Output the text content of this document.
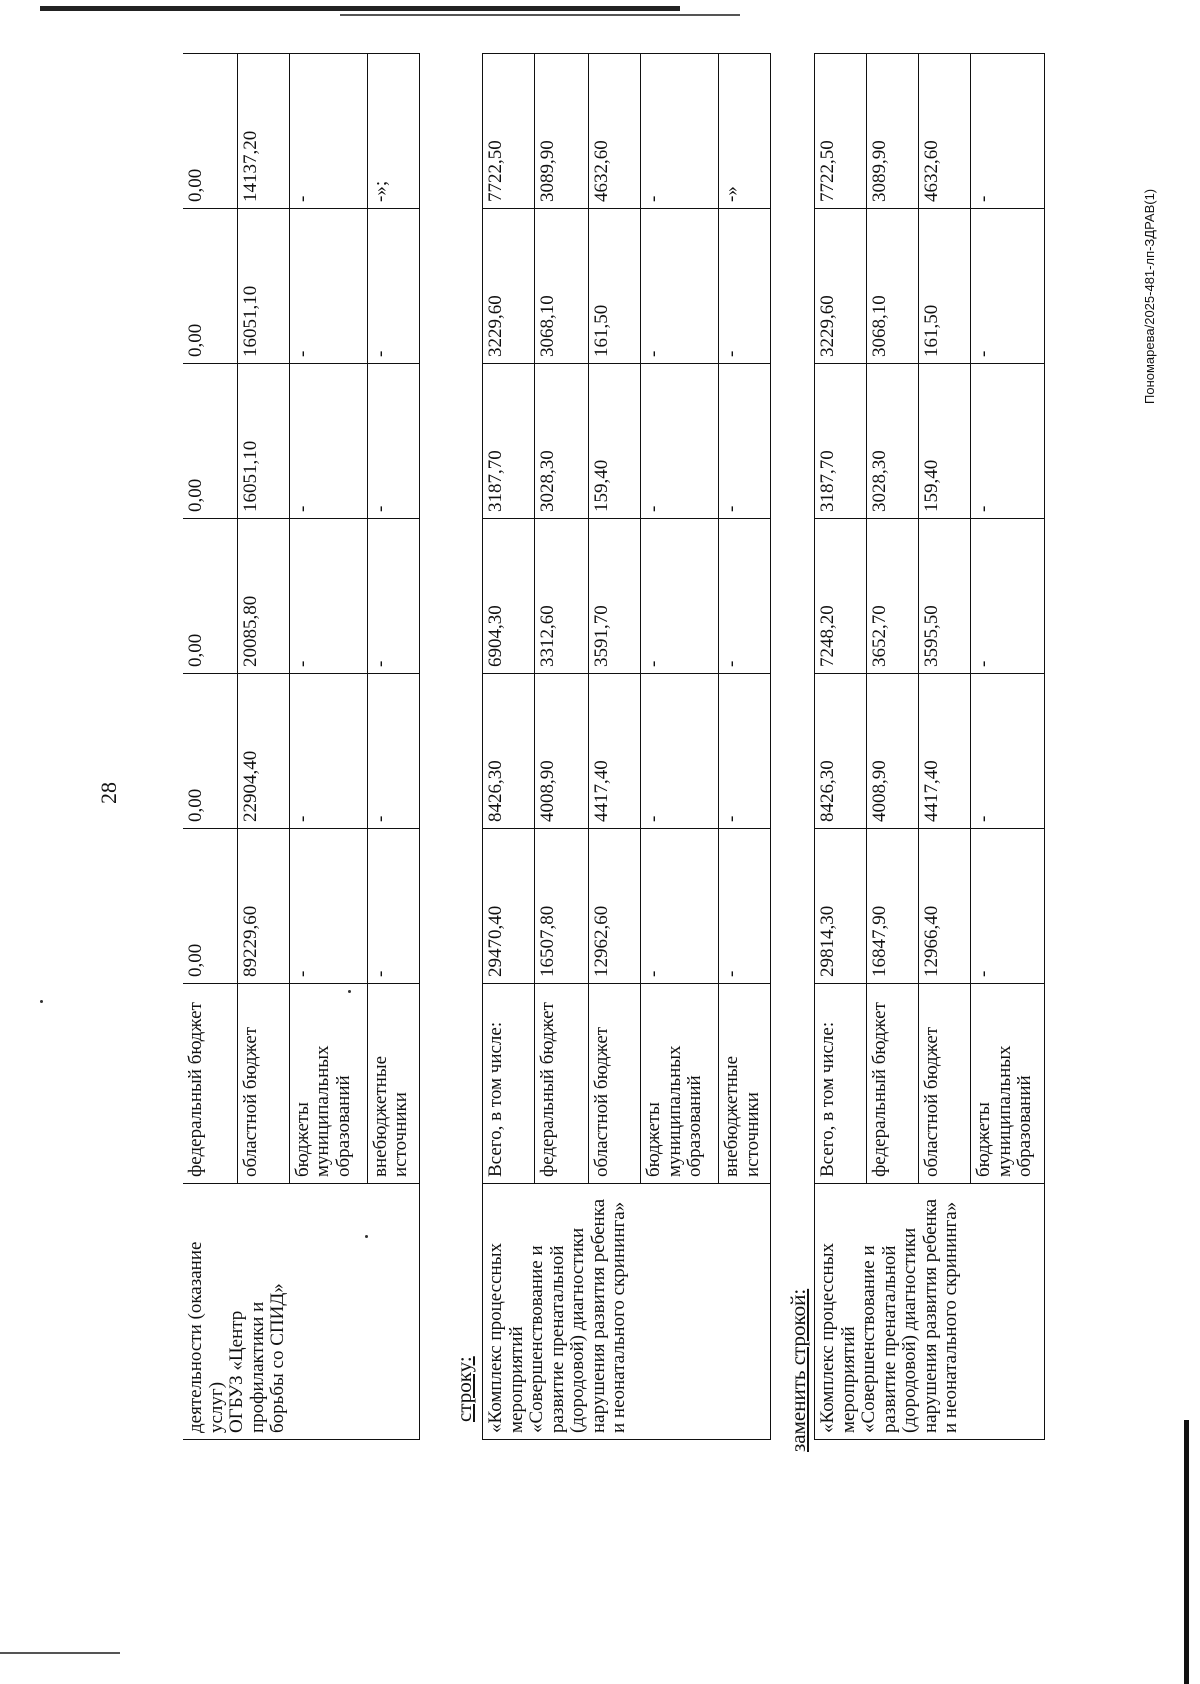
28
деятельности (оказание услуг) ОГБУЗ «Центр профилактики и борьбы со СПИД»	федеральный бюджет	0,00	0,00	0,00	0,00	0,00	0,00
	областной бюджет	89229,60	22904,40	20085,80	16051,10	16051,10	14137,20
	бюджеты муниципальных образований	-	-	-	-	-	-
	внебюджетные источники	-	-	-	-	-	-»;
строку: «Комплекс процессных мероприятий «Совершенствование и развитие пренатальной (дородовой) диагностики нарушения развития ребенка и неонатального скрининга»	Всего, в том числе:	29470,40	8426,30	6904,30	3187,70	3229,60	7722,50
	федеральный бюджет	16507,80	4008,90	3312,60	3028,30	3068,10	3089,90
	областной бюджет	12962,60	4417,40	3591,70	159,40	161,50	4632,60
	бюджеты муниципальных образований	-	-	-	-	-	-
	внебюджетные источники	-	-	-	-	-	-»
заменить строкой: «Комплекс процессных мероприятий «Совершенствование и развитие пренатальной (дородовой) диагностики нарушения развития ребенка и неонатального скрининга»	Всего, в том числе:	29814,30	8426,30	7248,20	3187,70	3229,60	7722,50
	федеральный бюджет	16847,90	4008,90	3652,70	3028,30	3068,10	3089,90
	областной бюджет	12966,40	4417,40	3595,50	159,40	161,50	4632,60
	бюджеты муниципальных образований	-	-	-	-	-	-	Пономарева/2025-481-лп-ЗДРАВ(1)
